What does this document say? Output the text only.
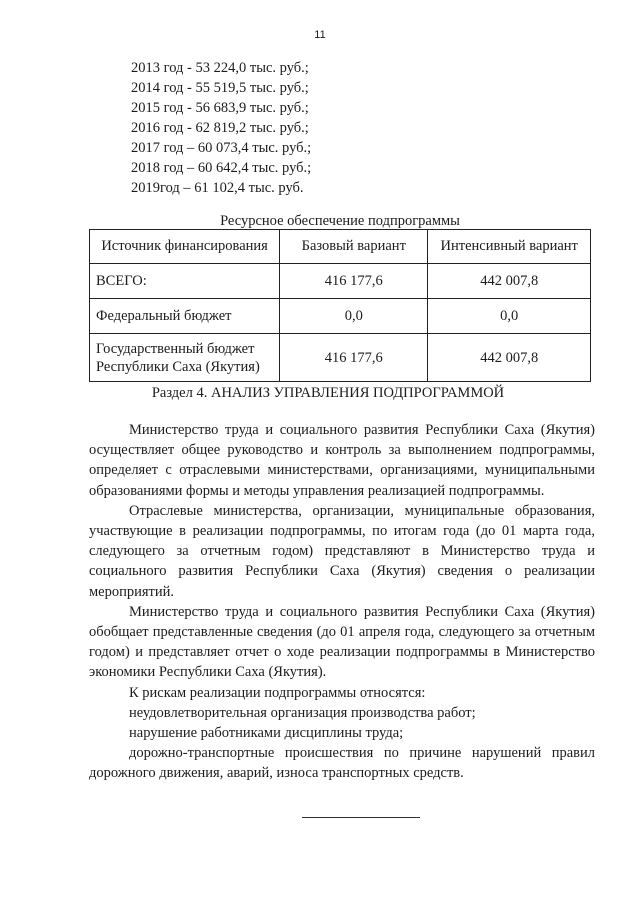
11
2013 год - 53 224,0 тыс. руб.;
2014 год - 55 519,5 тыс. руб.;
2015 год - 56 683,9 тыс. руб.;
2016 год - 62 819,2 тыс. руб.;
2017 год – 60 073,4 тыс. руб.;
2018 год – 60 642,4 тыс. руб.;
2019год – 61 102,4 тыс. руб.
Ресурсное обеспечение подпрограммы
Источник финансирования	Базовый вариант	Интенсивный вариант
ВСЕГО:	416 177,6	442 007,8
Федеральный бюджет	0,0	0,0

Государственный бюджет
Республики Саха (Якутия)	416 177,6	442 007,8
Раздел 4. АНАЛИЗ УПРАВЛЕНИЯ ПОДПРОГРАММОЙ

Министерство труда и социального развития Республики Саха (Якутия) осуществляет общее руководство и контроль за выполнением подпрограммы, определяет с отраслевыми министерствами, организациями, муниципальными образованиями формы и методы управления реализацией подпрограммы.

Отраслевые министерства, организации, муниципальные образования, участвующие в реализации подпрограммы, по итогам года (до 01 марта года, следующего за отчетным годом) представляют в Министерство труда и социального развития Республики Саха (Якутия) сведения о реализации мероприятий.

Министерство труда и социального развития Республики Саха (Якутия) обобщает представленные сведения (до 01 апреля года, следующего за отчетным годом) и представляет отчет о ходе реализации подпрограммы в Министерство экономики Республики Саха (Якутия).

К рискам реализации подпрограммы относятся:

неудовлетворительная организация производства работ;

нарушение работниками дисциплины труда;

дорожно-транспортные происшествия по причине нарушений правил дорожного движения, аварий, износа транспортных средств.
